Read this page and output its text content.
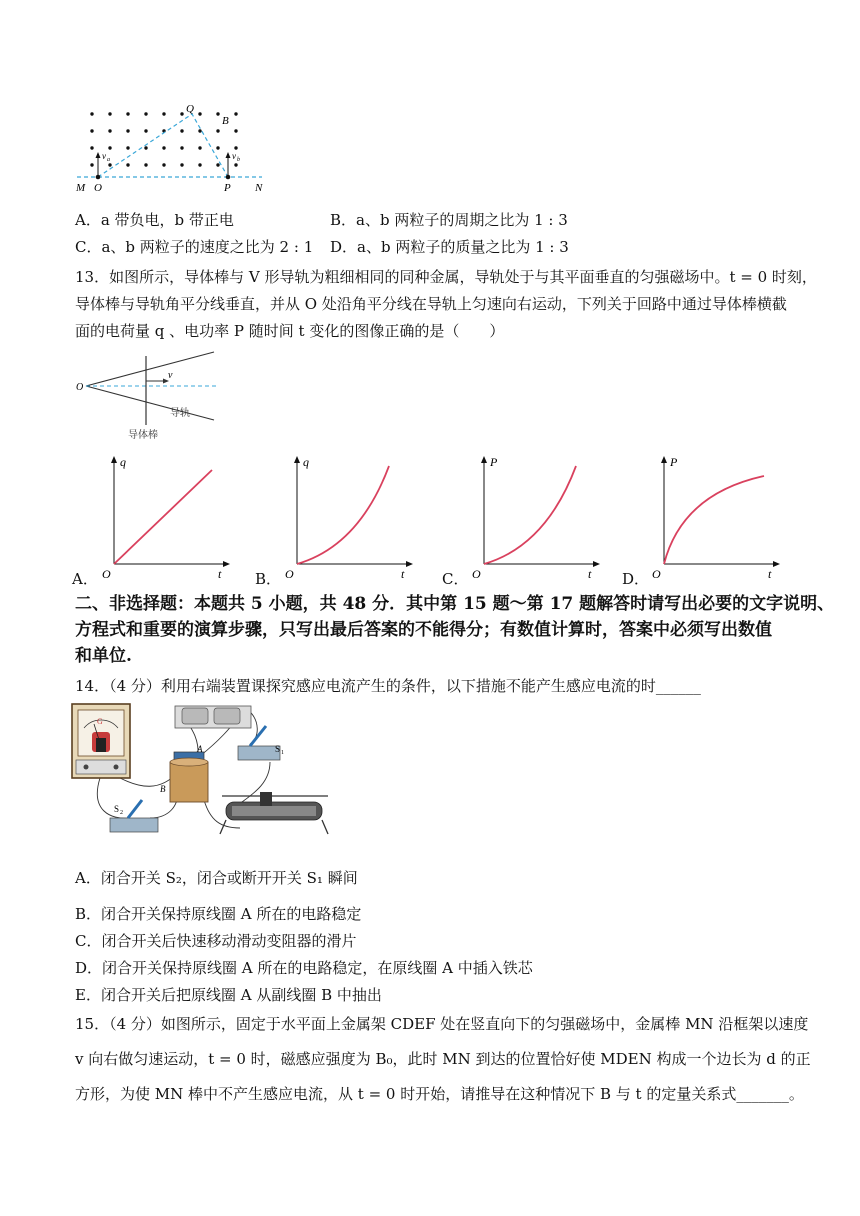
M O	P N
Q
B
v a	v b
A．a 带负电，b 带正电	B．a、b 两粒子的周期之比为 1 : 3
C．a、b 两粒子的速度之比为 2 : 1 D．a、b 两粒子的质量之比为 1 : 3
13．如图所示，导体棒与 V 形导轨为粗细相同的同种金属，导轨处于与其平面垂直的匀强磁场中。t = 0 时刻，
导体棒与导轨角平分线垂直，并从 O 处沿角平分线在导轨上匀速向右运动，下列关于回路中通过导体棒横截
面的电荷量 q 、电功率 P 随时间 t 变化的图像正确的是（　　）
O
v
导轨
导体棒
A．
q
t
O	B．
q
t
O	C．
P
t
O	D．
P
t
O
二、非选择题：本题共 5 小题，共 48 分．其中第 15 题～第 17 题解答时请写出必要的文字说明、
方程式和重要的演算步骤，只写出最后答案的不能得分；有数值计算时，答案中必须写出数值
和单位.
14．（4 分）利用右端装置课探究感应电流产生的条件，以下措施不能产生感应电流的时______
G
S 1
A
B
S 2
A．闭合开关 S₂，闭合或断开开关 S₁ 瞬间
B．闭合开关保持原线圈 A 所在的电路稳定
C．闭合开关后快速移动滑动变阻器的滑片
D．闭合开关保持原线圈 A 所在的电路稳定，在原线圈 A 中插入铁芯
E．闭合开关后把原线圈 A 从副线圈 B 中抽出
15．（4 分）如图所示，固定于水平面上金属架 CDEF 处在竖直向下的匀强磁场中，金属棒 MN 沿框架以速度
v 向右做匀速运动，t = 0 时，磁感应强度为 B₀，此时 MN 到达的位置恰好使 MDEN 构成一个边长为 d 的正
方形，为使 MN 棒中不产生感应电流，从 t = 0 时开始，请推导在这种情况下 B 与 t 的定量关系式_______。
